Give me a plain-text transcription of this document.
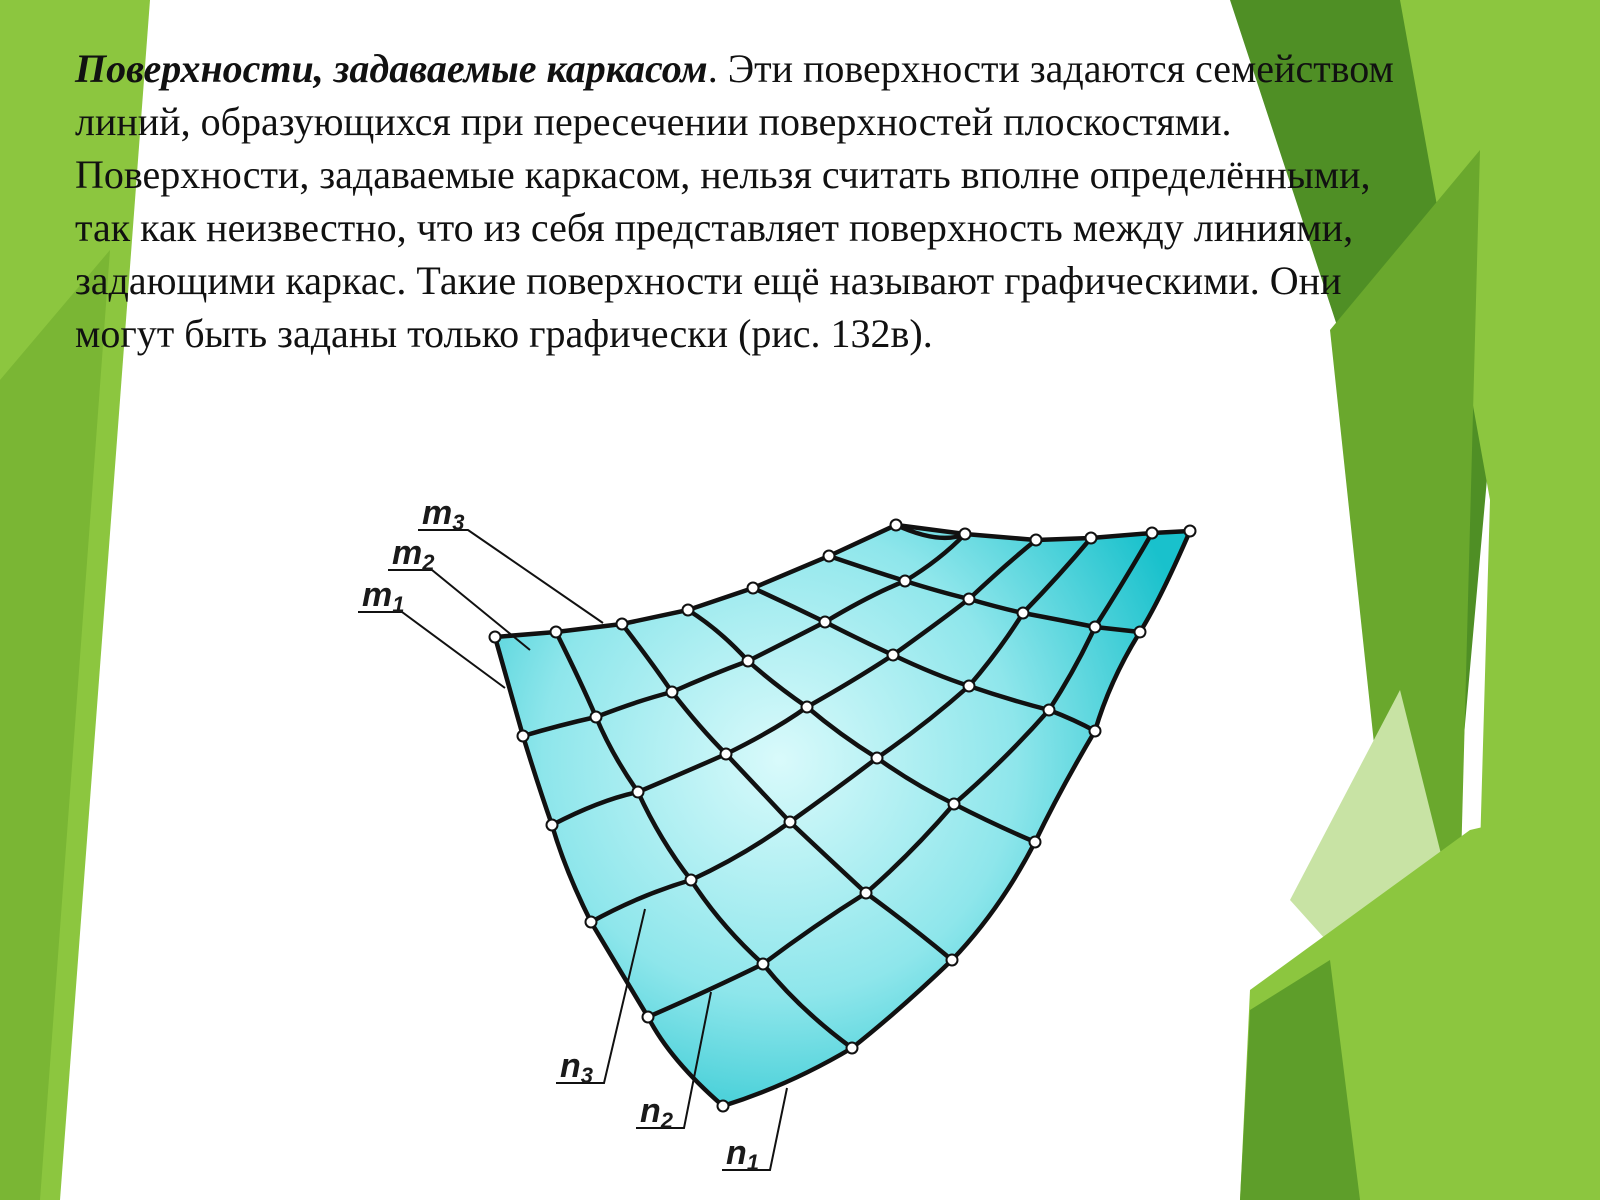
Поверхности, задаваемые каркасом. Эти поверхности задаются семейством линий, образующихся при пересечении поверхностей плоскостями. Поверхности, задаваемые каркасом, нельзя считать вполне определёнными, так как неизвестно, что из себя представляет поверхность между линиями, задающими каркас. Такие поверхности ещё называют графическими. Они могут быть заданы только графически (рис. 132в).
m3
m2
m1
n3
n2
n1
